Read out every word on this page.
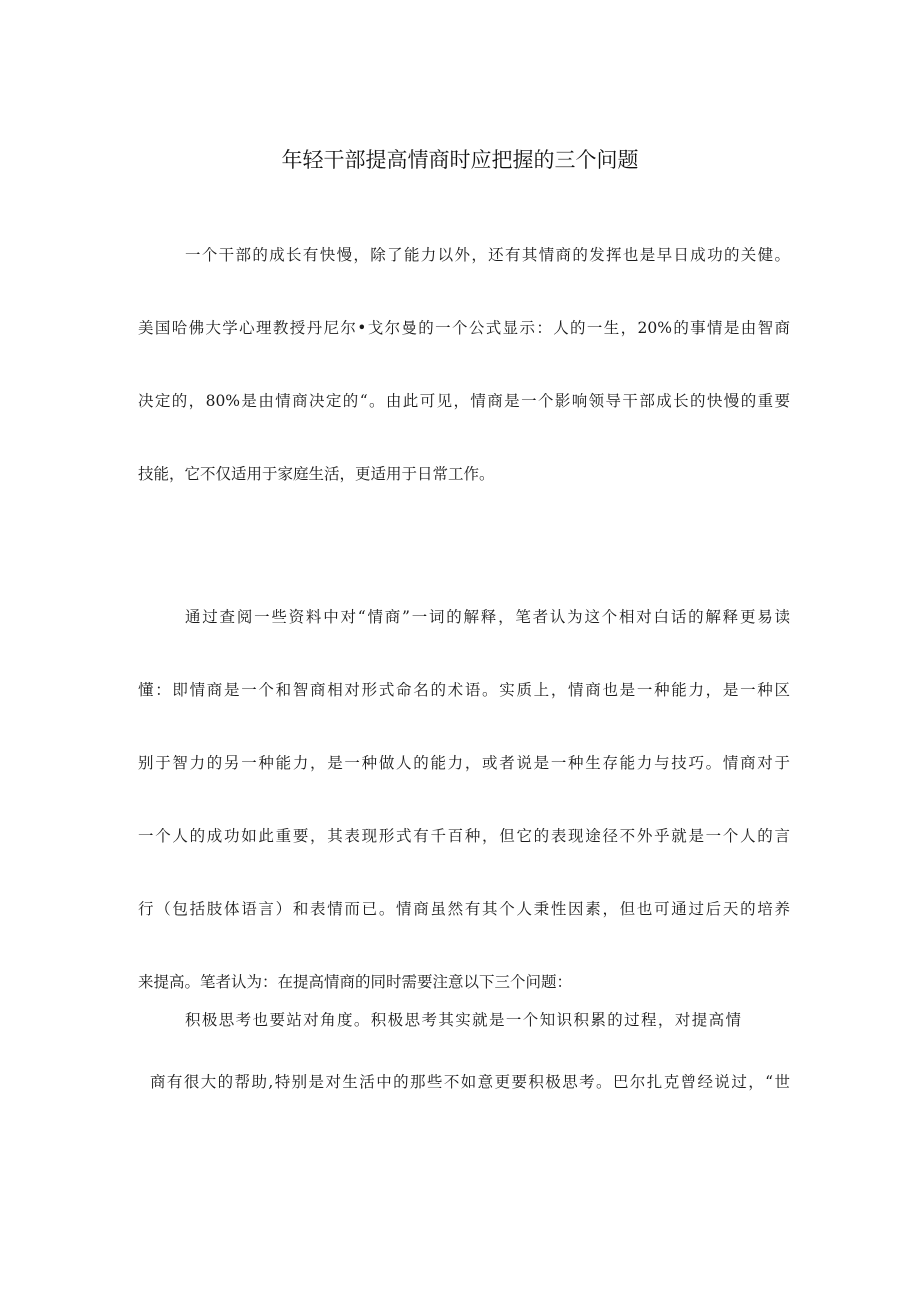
年轻干部提高情商时应把握的三个问题
一个干部的成长有快慢，除了能力以外，还有其情商的发挥也是早日成功的关健。
美国哈佛大学心理教授丹尼尔•戈尔曼的一个公式显示：人的一生，20%的事情是由智商
决定的，80%是由情商决定的“。由此可见，情商是一个影响领导干部成长的快慢的重要
技能，它不仅适用于家庭生活，更适用于日常工作。
通过查阅一些资料中对“情商”一词的解释，笔者认为这个相对白话的解释更易读
懂：即情商是一个和智商相对形式命名的术语。实质上，情商也是一种能力，是一种区
别于智力的另一种能力，是一种做人的能力，或者说是一种生存能力与技巧。情商对于
一个人的成功如此重要，其表现形式有千百种，但它的表现途径不外乎就是一个人的言
行（包括肢体语言）和表情而已。情商虽然有其个人秉性因素，但也可通过后天的培养
来提高。笔者认为：在提高情商的同时需要注意以下三个问题：
积极思考也要站对角度。积极思考其实就是一个知识积累的过程，对提高情
商有很大的帮助,特别是对生活中的那些不如意更要积极思考。巴尔扎克曾经说过，“世
